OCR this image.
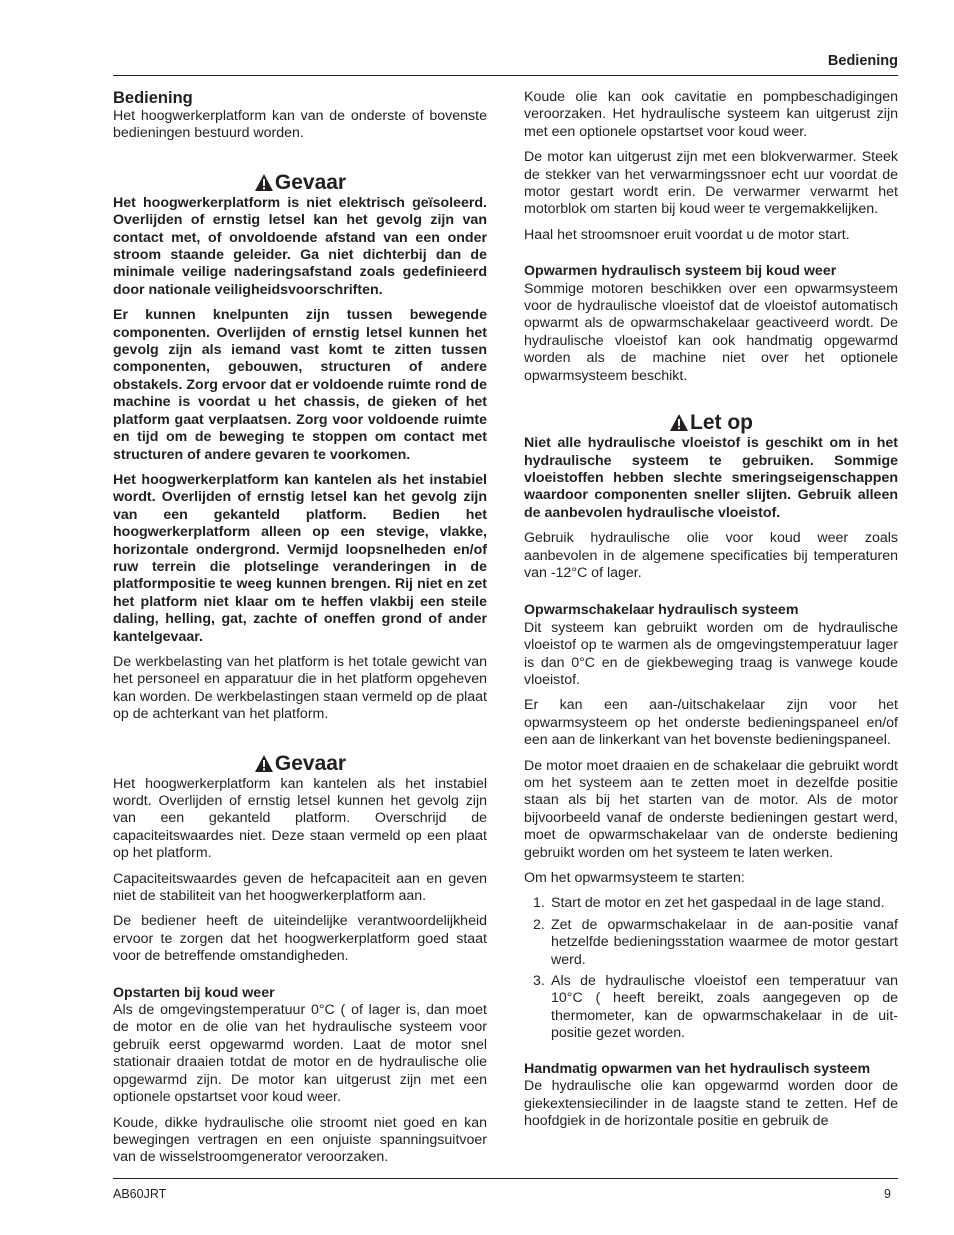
Bediening
Bediening

Het hoogwerkerplatform kan van de onderste of bovenste bedieningen bestuurd worden.

Gevaar

Het hoogwerkerplatform is niet elektrisch geïsoleerd. Overlijden of ernstig letsel kan het gevolg zijn van contact met, of onvoldoende afstand van een onder stroom staande geleider. Ga niet dichterbij dan de minimale veilige naderingsafstand zoals gedefinieerd door nationale veiligheidsvoorschriften.

Er kunnen knelpunten zijn tussen bewegende componenten. Overlijden of ernstig letsel kunnen het gevolg zijn als iemand vast komt te zitten tussen componenten, gebouwen, structuren of andere obstakels. Zorg ervoor dat er voldoende ruimte rond de machine is voordat u het chassis, de gieken of het platform gaat verplaatsen. Zorg voor voldoende ruimte en tijd om de beweging te stoppen om contact met structuren of andere gevaren te voorkomen.

Het hoogwerkerplatform kan kantelen als het instabiel wordt. Overlijden of ernstig letsel kan het gevolg zijn van een gekanteld platform. Bedien het hoogwerkerplatform alleen op een stevige, vlakke, horizontale ondergrond. Vermijd loopsnelheden en/of ruw terrein die plotselinge veranderingen in de platformpositie te weeg kunnen brengen. Rij niet en zet het platform niet klaar om te heffen vlakbij een steile daling, helling, gat, zachte of oneffen grond of ander kantelgevaar.

De werkbelasting van het platform is het totale gewicht van het personeel en apparatuur die in het platform opgeheven kan worden. De werkbelastingen staan vermeld op de plaat op de achterkant van het platform.

Gevaar

Het hoogwerkerplatform kan kantelen als het instabiel wordt. Overlijden of ernstig letsel kunnen het gevolg zijn van een gekanteld platform. Overschrijd de capaciteitswaardes niet. Deze staan vermeld op een plaat op het platform.

Capaciteitswaardes geven de hefcapaciteit aan en geven niet de stabiliteit van het hoogwerkerplatform aan.

De bediener heeft de uiteindelijke verantwoordelijkheid ervoor te zorgen dat het hoogwerkerplatform goed staat voor de betreffende omstandigheden.

Opstarten bij koud weer

Als de omgevingstemperatuur 0°C ( of lager is, dan moet de motor en de olie van het hydraulische systeem voor gebruik eerst opgewarmd worden. Laat de motor snel stationair draaien totdat de motor en de hydraulische olie opgewarmd zijn. De motor kan uitgerust zijn met een optionele opstartset voor koud weer.

Koude, dikke hydraulische olie stroomt niet goed en kan bewegingen vertragen en een onjuiste spanningsuitvoer van de wisselstroomgenerator veroorzaken.

Koude olie kan ook cavitatie en pompbeschadigingen veroorzaken. Het hydraulische systeem kan uitgerust zijn met een optionele opstartset voor koud weer.

De motor kan uitgerust zijn met een blokverwarmer. Steek de stekker van het verwarmingssnoer echt uur voordat de motor gestart wordt erin. De verwarmer verwarmt het motorblok om starten bij koud weer te vergemakkelijken.

Haal het stroomsnoer eruit voordat u de motor start.

Opwarmen hydraulisch systeem bij koud weer

Sommige motoren beschikken over een opwarmsysteem voor de hydraulische vloeistof dat de vloeistof automatisch opwarmt als de opwarmschakelaar geactiveerd wordt. De hydraulische vloeistof kan ook handmatig opgewarmd worden als de machine niet over het optionele opwarmsysteem beschikt.

Let op

Niet alle hydraulische vloeistof is geschikt om in het hydraulische systeem te gebruiken. Sommige vloeistoffen hebben slechte smeringseigenschappen waardoor componenten sneller slijten. Gebruik alleen de aanbevolen hydraulische vloeistof.

Gebruik hydraulische olie voor koud weer zoals aanbevolen in de algemene specificaties bij temperaturen van -12°C of lager.

Opwarmschakelaar hydraulisch systeem

Dit systeem kan gebruikt worden om de hydraulische vloeistof op te warmen als de omgevingstemperatuur lager is dan 0°C en de giekbeweging traag is vanwege koude vloeistof.

Er kan een aan-/uitschakelaar zijn voor het opwarmsysteem op het onderste bedieningspaneel en/of een aan de linkerkant van het bovenste bedieningspaneel.

De motor moet draaien en de schakelaar die gebruikt wordt om het systeem aan te zetten moet in dezelfde positie staan als bij het starten van de motor. Als de motor bijvoorbeeld vanaf de onderste bedieningen gestart werd, moet de opwarmschakelaar van de onderste bediening gebruikt worden om het systeem te laten werken.

Om het opwarmsysteem te starten:

1. Start de motor en zet het gaspedaal in de lage stand.
2. Zet de opwarmschakelaar in de aan-positie vanaf hetzelfde bedieningsstation waarmee de motor gestart werd.
3. Als de hydraulische vloeistof een temperatuur van 10°C ( heeft bereikt, zoals aangegeven op de thermometer, kan de opwarmschakelaar in de uit-positie gezet worden.
Handmatig opwarmen van het hydraulisch systeem

De hydraulische olie kan opgewarmd worden door de giekextensiecilinder in de laagste stand te zetten. Hef de hoofdgiek in de horizontale positie en gebruik de

AB60JRT	9
